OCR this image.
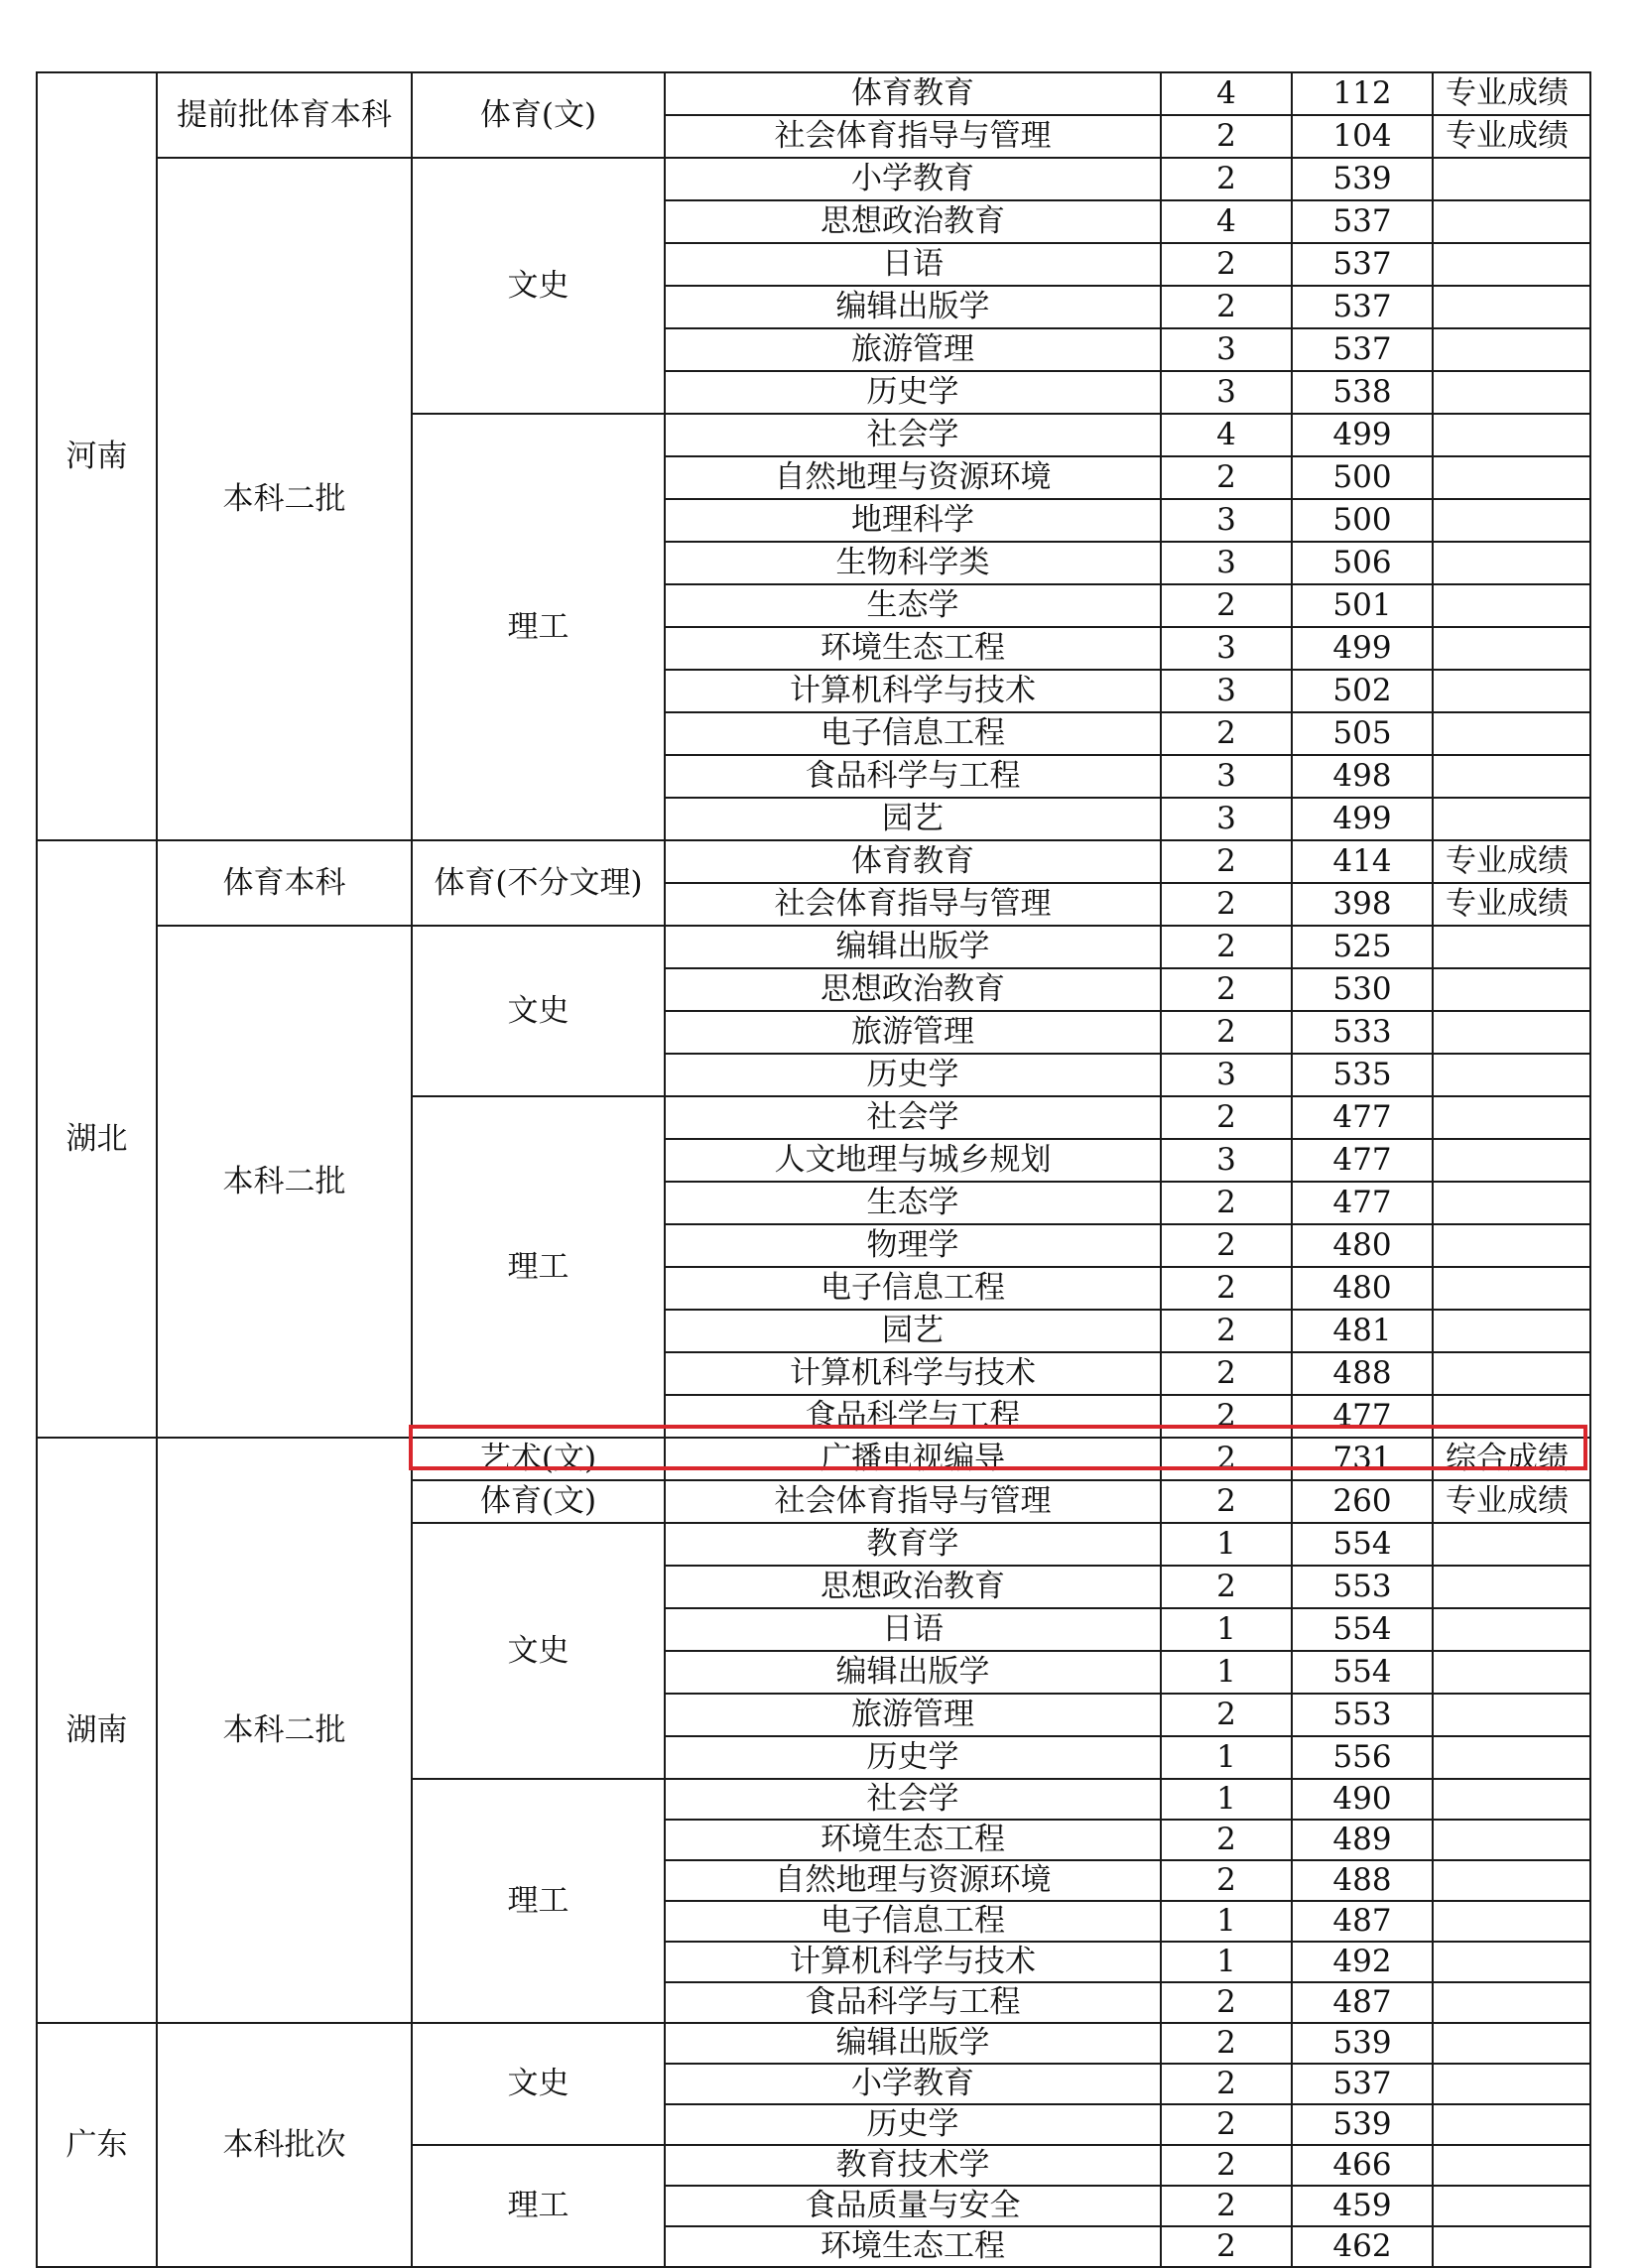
河南	提前批体育本科	体育(文)	体育教育	4	112	专业成绩
			社会体育指导与管理	2	104	专业成绩
	本科二批	文史	小学教育	2	539	
			思想政治教育	4	537	
			日语	2	537	
			编辑出版学	2	537	
			旅游管理	3	537	
			历史学	3	538	
		理工	社会学	4	499	
			自然地理与资源环境	2	500	
			地理科学	3	500	
			生物科学类	3	506	
			生态学	2	501	
			环境生态工程	3	499	
			计算机科学与技术	3	502	
			电子信息工程	2	505	
			食品科学与工程	3	498	
			园艺	3	499	
湖北	体育本科	体育(不分文理)	体育教育	2	414	专业成绩
			社会体育指导与管理	2	398	专业成绩
	本科二批	文史	编辑出版学	2	525	
			思想政治教育	2	530	
			旅游管理	2	533	
			历史学	3	535	
		理工	社会学	2	477	
			人文地理与城乡规划	3	477	
			生态学	2	477	
			物理学	2	480	
			电子信息工程	2	480	
			园艺	2	481	
			计算机科学与技术	2	488	
			食品科学与工程	2	477	
湖南	本科二批	艺术(文)	广播电视编导	2	731	综合成绩
		体育(文)	社会体育指导与管理	2	260	专业成绩
		文史	教育学	1	554	
			思想政治教育	2	553	
			日语	1	554	
			编辑出版学	1	554	
			旅游管理	2	553	
			历史学	1	556	
		理工	社会学	1	490	
			环境生态工程	2	489	
			自然地理与资源环境	2	488	
			电子信息工程	1	487	
			计算机科学与技术	1	492	
			食品科学与工程	2	487	
广东	本科批次	文史	编辑出版学	2	539	
			小学教育	2	537	
			历史学	2	539	
		理工	教育技术学	2	466	
			食品质量与安全	2	459	
			环境生态工程	2	462	
